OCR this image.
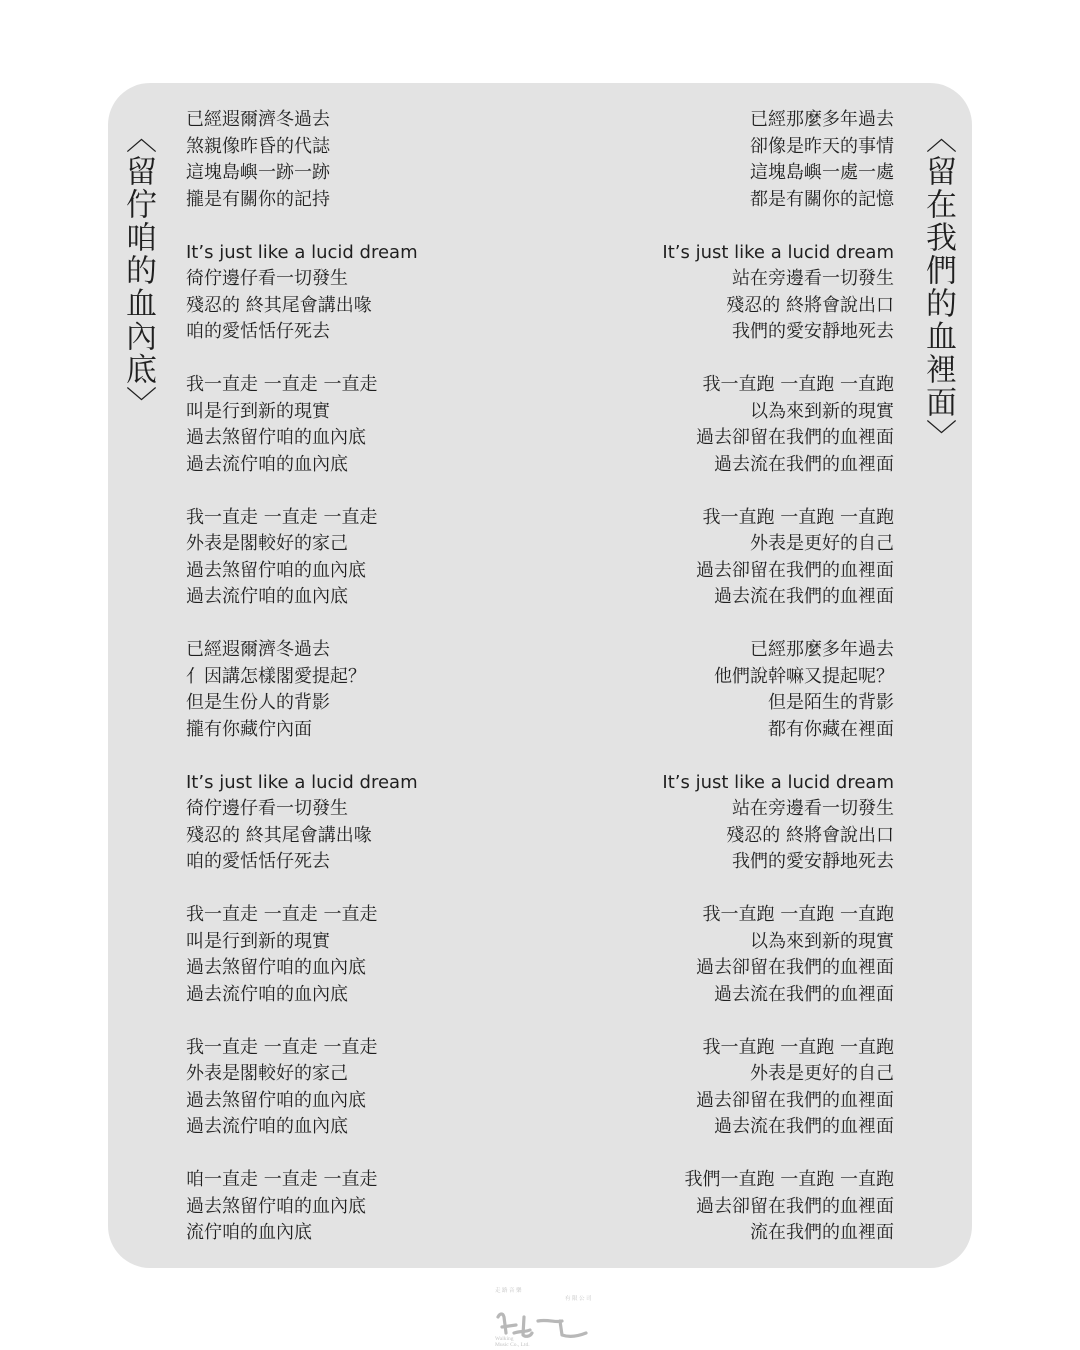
〈留佇咱的血內底〉	〈留在我們的血裡面〉
已經遐爾濟冬過去
煞親像昨昏的代誌
這塊島嶼一跡一跡
攏是有關你的記持
It’s just like a lucid dream
徛佇邊仔看一切發生
殘忍的 終其尾會講出喙
咱的愛恬恬仔死去
我一直走 一直走 一直走
叫是行到新的現實
過去煞留佇咱的血內底
過去流佇咱的血內底
我一直走 一直走 一直走
外表是閣較好的家己
過去煞留佇咱的血內底
過去流佇咱的血內底
已經遐爾濟冬過去
亻因講怎樣閣愛提起？
但是生份人的背影
攏有你藏佇內面
It’s just like a lucid dream
徛佇邊仔看一切發生
殘忍的 終其尾會講出喙
咱的愛恬恬仔死去
我一直走 一直走 一直走
叫是行到新的現實
過去煞留佇咱的血內底
過去流佇咱的血內底
我一直走 一直走 一直走
外表是閣較好的家己
過去煞留佇咱的血內底
過去流佇咱的血內底
咱一直走 一直走 一直走
過去煞留佇咱的血內底
流佇咱的血內底
已經那麼多年過去
卻像是昨天的事情
這塊島嶼一處一處
都是有關你的記憶
It’s just like a lucid dream
站在旁邊看一切發生
殘忍的 終將會說出口
我們的愛安靜地死去
我一直跑 一直跑 一直跑
以為來到新的現實
過去卻留在我們的血裡面
過去流在我們的血裡面
我一直跑 一直跑 一直跑
外表是更好的自己
過去卻留在我們的血裡面
過去流在我們的血裡面
已經那麼多年過去
他們說幹嘛又提起呢？
但是陌生的背影
都有你藏在裡面
It’s just like a lucid dream
站在旁邊看一切發生
殘忍的 終將會說出口
我們的愛安靜地死去
我一直跑 一直跑 一直跑
以為來到新的現實
過去卻留在我們的血裡面
過去流在我們的血裡面
我一直跑 一直跑 一直跑
外表是更好的自己
過去卻留在我們的血裡面
過去流在我們的血裡面
我們一直跑 一直跑 一直跑
過去卻留在我們的血裡面
流在我們的血裡面
走 路 音 樂
有 限 公 司
Walking
Music Co., Ltd.
